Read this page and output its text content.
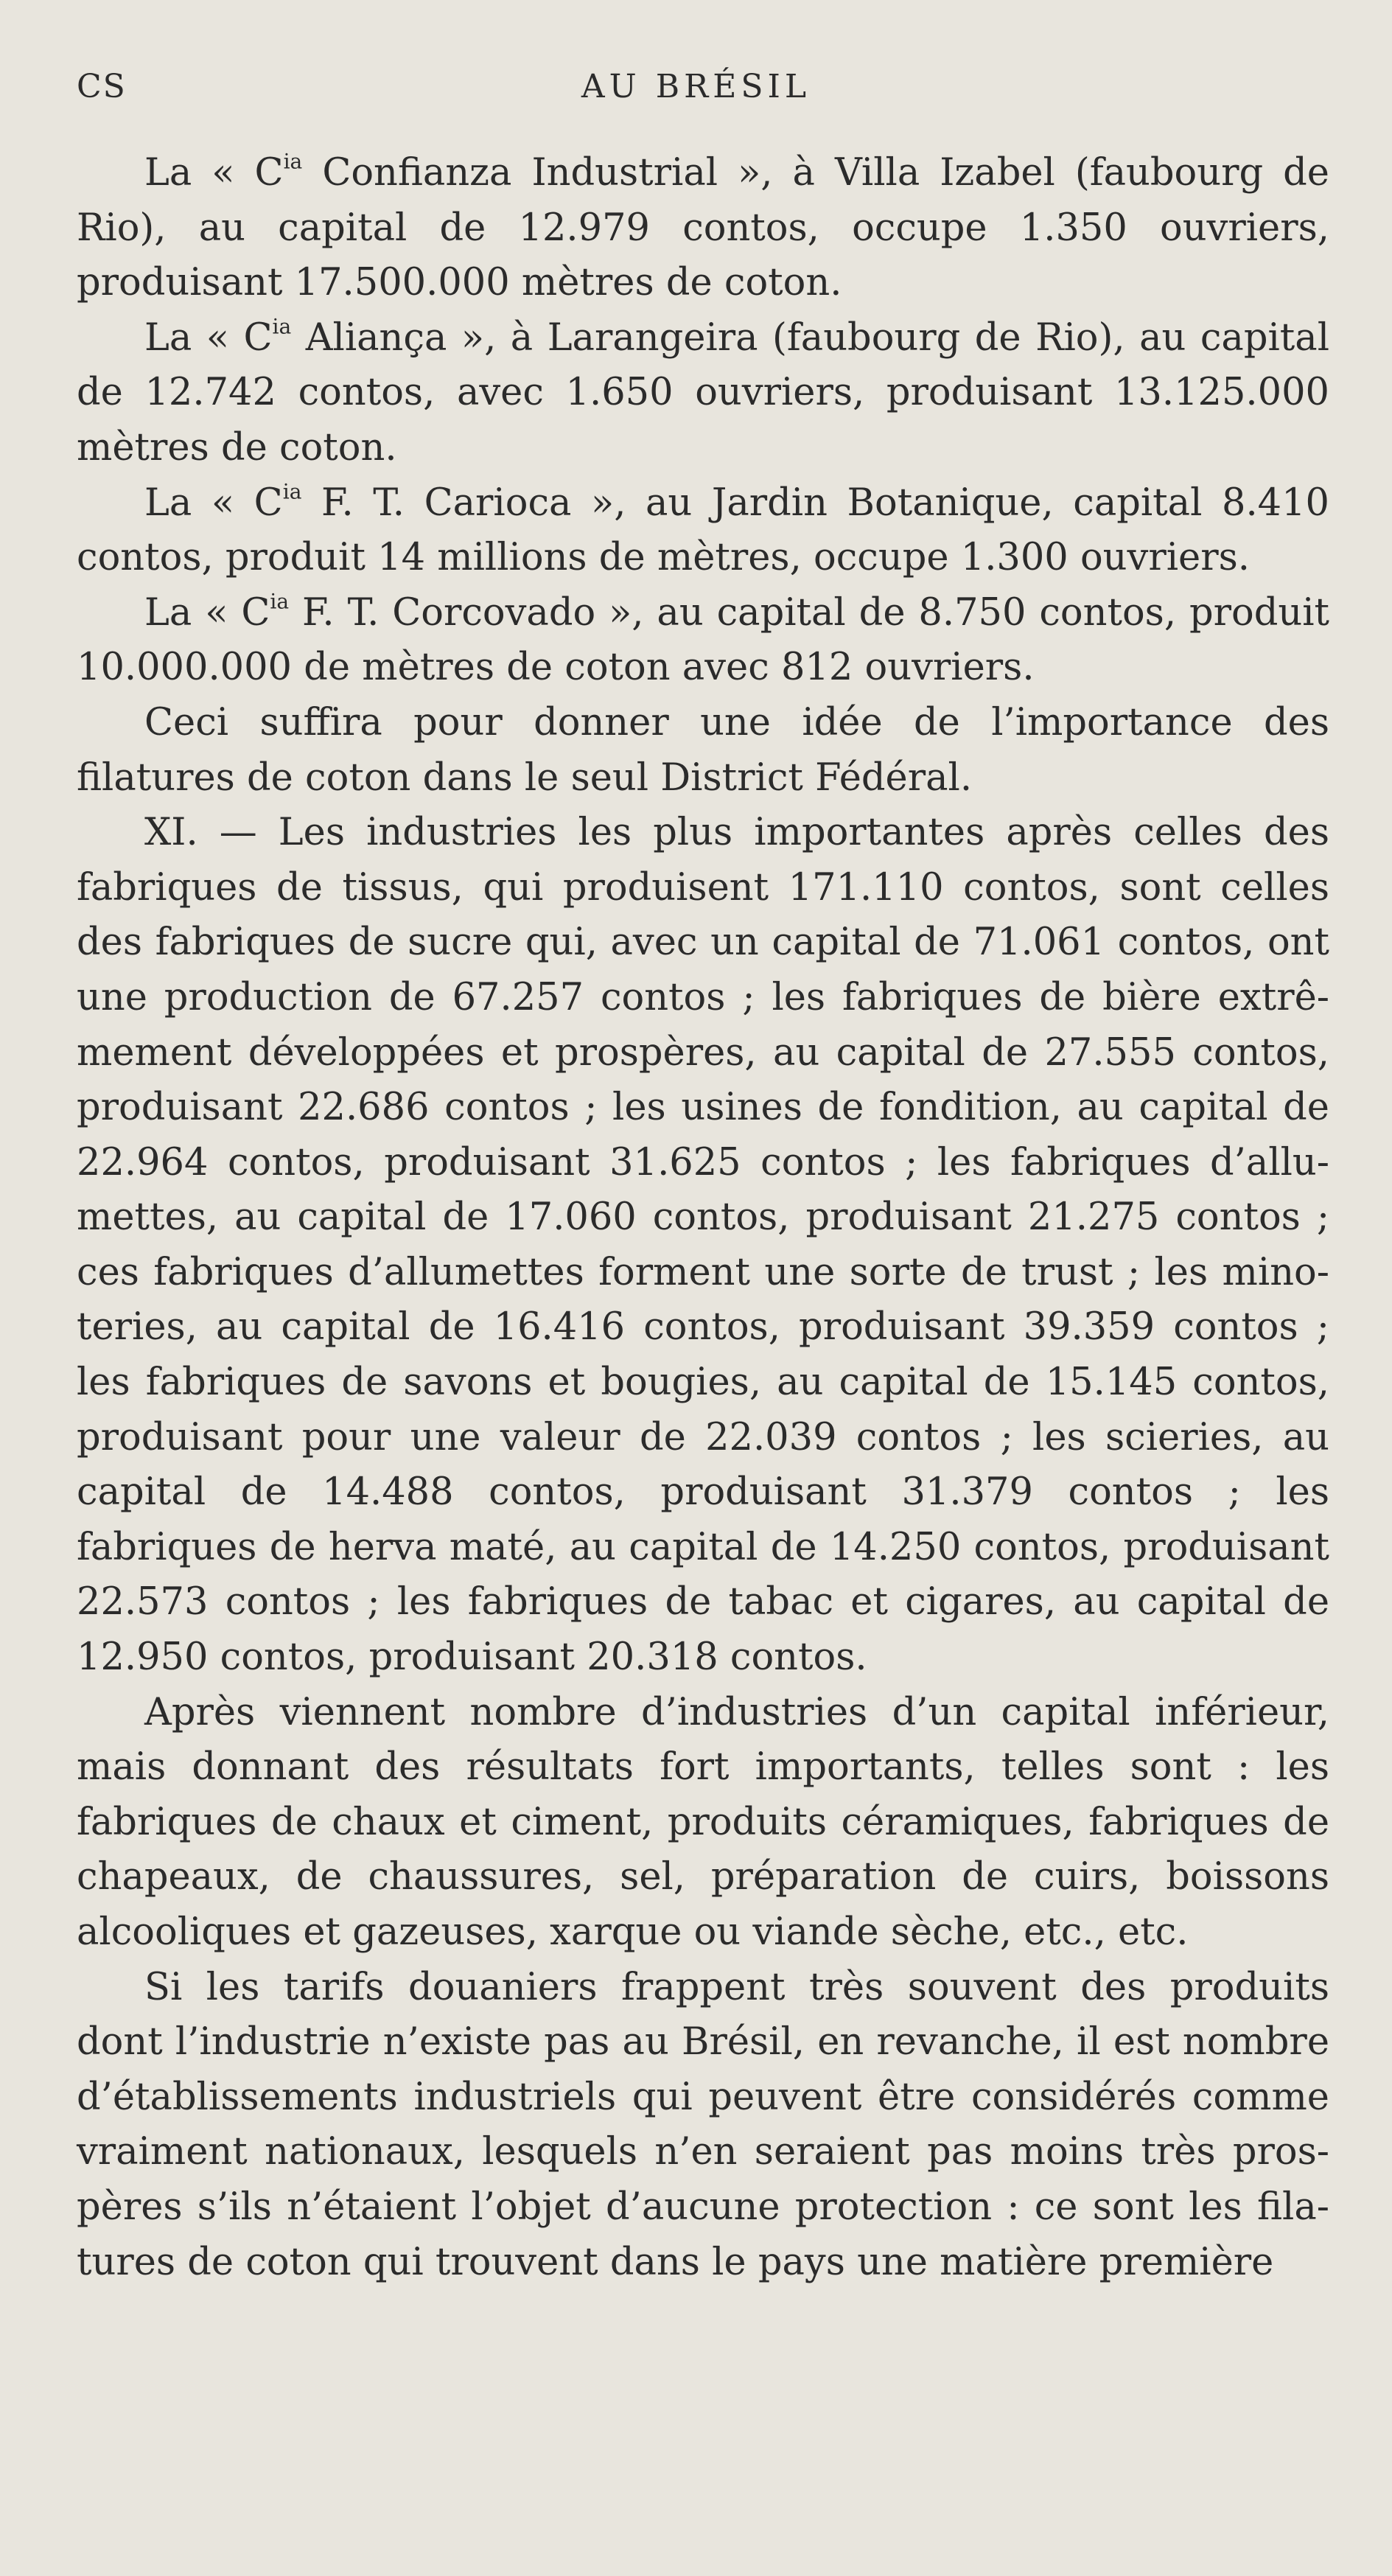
CS	AU BRÉSIL

La « $C^{ia}$ Confianza Industrial », à Villa Izabel (faubourg de Rio), au capital de 12.979 contos, occupe 1.350 ouvriers, produisant 17.500.000 mètres de coton.

La « $C^{ia}$ Aliança », à Larangeira (faubourg de Rio), au capital de 12.742 contos, avec 1.650 ouvriers, produisant 13.125.000 mètres de coton.

La « $C^{ia}$ F. T. Carioca », au Jardin Botanique, capital 8.410 contos, produit 14 millions de mètres, occupe 1.300 ouvriers.

La « $C^{ia}$ F. T. Corcovado », au capital de 8.750 contos, produit 10.000.000 de mètres de coton avec 812 ouvriers.

Ceci suffira pour donner une idée de l’importance des filatures de coton dans le seul District Fédéral.

XI. — Les industries les plus importantes après celles des fabriques de tissus, qui produisent 171.110 contos, sont celles des fabriques de sucre qui, avec un capital de 71.061 contos, ont une production de 67.257 contos ; les fabriques de bière extrêmement développées et prospères, au capital de 27.555 contos, produisant 22.686 contos ; les usines de fondition, au capital de 22.964 contos, produisant 31.625 contos ; les fabriques d’allumettes, au capital de 17.060 contos, produisant 21.275 contos ; ces fabriques d’allumettes forment une sorte de trust ; les minoteries, au capital de 16.416 contos, produisant 39.359 contos ; les fabriques de savons et bougies, au capital de 15.145 contos, produisant pour une valeur de 22.039 contos ; les scieries, au capital de 14.488 contos, produisant 31.379 contos ; les fabriques de herva maté, au capital de 14.250 contos, produisant 22.573 contos ; les fabriques de tabac et cigares, au capital de 12.950 contos, produisant 20.318 contos.

Après viennent nombre d’industries d’un capital inférieur, mais donnant des résultats fort importants, telles sont : les fabriques de chaux et ciment, produits céramiques, fabriques de chapeaux, de chaussures, sel, préparation de cuirs, boissons alcooliques et gazeuses, xarque ou viande sèche, etc., etc.

Si les tarifs douaniers frappent très souvent des produits dont l’industrie n’existe pas au Brésil, en revanche, il est nombre d’établissements industriels qui peuvent être considérés comme vraiment nationaux, lesquels n’en seraient pas moins très prospères s’ils n’étaient l’objet d’aucune protection : ce sont les filatures de coton qui trouvent dans le pays une matière première
